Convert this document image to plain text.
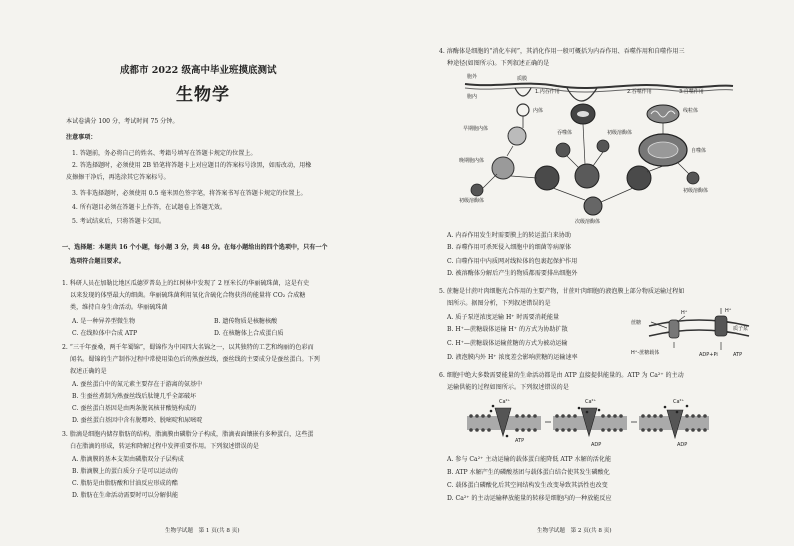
成都市 2022 级高中毕业班摸底测试
生物学
本试卷满分 100 分，考试时间 75 分钟。
注意事项：
1. 答题前，务必将自己的姓名、考籍号填写在答题卡规定的位置上。
2. 答选择题时，必须使用 2B 铅笔将答题卡上对应题目的答案标号涂黑，如需改动，用橡
皮擦擦干净后，再选涂其它答案标号。
3. 答非选择题时，必须使用 0.5 毫米黑色签字笔，将答案书写在答题卡规定的位置上。
4. 所有题目必须在答题卡上作答，在试题卷上答题无效。
5. 考试结束后，只将答题卡交回。
一、选择题：本题共 16 个小题，每小题 3 分，共 48 分。在每小题给出的四个选项中，只有一个
选项符合题目要求。
1. 科研人员在加勒比地区瓜德罗普岛上的红树林中发现了 2 厘米长的华丽硫珠菌，这是有史
以来发现的体型最大的细菌。华丽硫珠菌利用氧化含硫化合物获得的能量将 CO₂ 合成糖
类，维持自身生命活动。华丽硫珠菌
A. 是一种异养型微生物	B. 遗传物质是核糖核酸
C. 在线粒体中合成 ATP	D. 在核糖体上合成蛋白质
2. “三千年蚕桑，两千年蜀锦”，蜀锦作为中国四大名锦之一，以其独特的工艺和绚丽的色彩而
闻名。蜀锦的生产制作过程中常使用染色后的熟蚕丝线，蚕丝线的主要成分是蚕丝蛋白。下列
叙述正确的是
A. 蚕丝蛋白中的氮元素主要存在于游离的氨基中
B. 生蚕丝煮制为熟蚕丝线后肽键几乎全部破坏
C. 蚕丝蛋白基因是由两条脱氧核苷酸链构成的
D. 蚕丝蛋白基因中含有脱嘌呤、脱嘧啶和尿嘧啶
3. 脂滴是细胞内储存脂肪的结构，脂滴膜由磷脂分子构成，脂滴表面镶嵌有多种蛋白，这些蛋
白在脂滴的形成，转运和降解过程中发挥重要作用。下列叙述错误的是
A. 脂滴膜的基本支架由磷脂双分子层构成
B. 脂滴膜上的蛋白质分子是可以运动的
C. 脂肪是由脂肪酸和甘油反应形成的酯
D. 脂肪在生命活动需要时可以分解供能
生物学试题　第 1 页(共 8 页)
4. 溶酶体是细胞的“消化车间”，其消化作用一般可概括为内吞作用、吞噬作用和自噬作用三
种途径(如图所示)。下列叙述正确的是
胞外
胞内
质膜
1.内吞作用	2.吞噬作用	3.自噬作用
内体
早期胞内体
晚期胞内体
初级溶酶体
吞噬体	初级溶酶体
线粒体
自噬体
初级溶酶体
次级溶酶体
A. 内吞作用发生时需要膜上的转运蛋白来协助
B. 吞噬作用可杀死侵入细胞中的细菌等病原体
C. 自噬作用中内质网对线粒体的包裹起保护作用
D. 被溶酶体分解后产生的物质都需要排出细胞外
5. 蔗糖是甘蔗叶肉细胞光合作用的主要产物，甘蔗叶肉细胞的液泡膜上部分物质运输过程如
图所示。据图分析，下列叙述错误的是
A. 质子泵逆浓度运输 H⁺ 时需要消耗能量
B. H⁺—蔗糖载体运输 H⁺ 的方式为协助扩散
C. H⁺—蔗糖载体运输蔗糖的方式为被动运输
D. 液泡膜内外 H⁺ 浓度差会影响蔗糖的运输速率
蔗糖
质子泵
H⁺-蔗糖载体	ADP+Pi	ATP
H⁺	H⁺
6. 细胞中绝大多数需要能量的生命活动都是由 ATP 直接提供能量的。ATP 为 Ca²⁺ 的主动
运输供能的过程如图所示。下列叙述错误的是
Ca²⁺	Ca²⁺	Ca²⁺
ATP
ADP	ADP
A. 参与 Ca²⁺ 主动运输的载体蛋白能降低 ATP 水解的活化能
B. ATP 水解产生的磷酸基团与载体蛋白结合使其发生磷酸化
C. 载体蛋白磷酸化后其空间结构发生改变导致其活性也改变
D. Ca²⁺ 的主动运输释放能量的转移是细胞内的一种放能反应
生物学试题　第 2 页(共 8 页)
